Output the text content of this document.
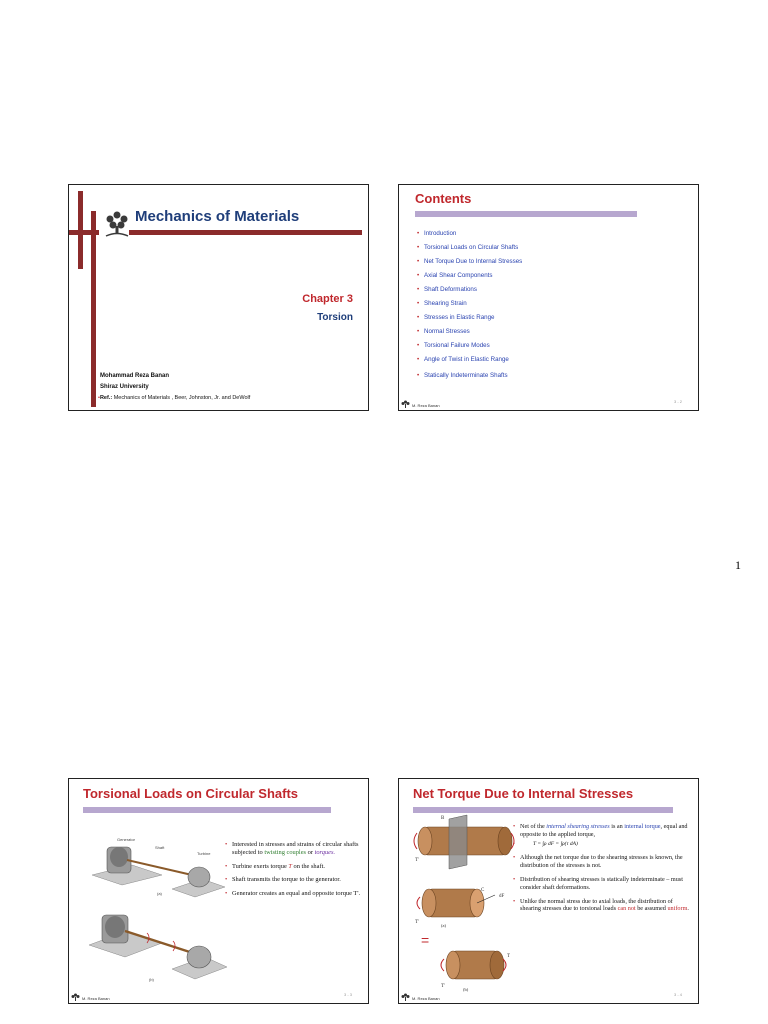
Mechanics of Materials
Chapter 3
Torsion
Mohammad Reza Banan
Shiraz University
•Ref.: Mechanics of Materials , Beer, Johnston, Jr. and DeWolf
Contents
• Introduction
• Torsional Loads on Circular Shafts
• Net Torque Due to Internal Stresses
• Axial Shear Components
• Shaft Deformations
• Shearing Strain
• Stresses in Elastic Range
• Normal Stresses
• Torsional Failure Modes
• Angle of Twist in Elastic Range
• Statically Indeterminate Shafts
M. Reza Banan
3 - 2
1
Torsional Loads on Circular Shafts
Generator
Shaft
Turbine
(a)
(b)
• Interested in stresses and strains of circular shafts subjected to twisting couples or torques.
• Turbine exerts torque T on the shaft.
• Shaft transmits the torque to the generator.
• Generator creates an equal and opposite torque T'.
M. Reza Banan
3 - 3
Net Torque Due to Internal Stresses
T'
B
C
dF
T'
(a)
=
T'
T
(b)
• Net of the internal shearing stresses is an internal torque, equal and opposite to the applied torque,
• T = ∫ρ dF = ∫ρ(τ dA)
• Although the net torque due to the shearing stresses is known, the distribution of the stresses is not.
• Distribution of shearing stresses is statically indeterminate – must consider shaft deformations.
• Unlike the normal stress due to axial loads, the distribution of shearing stresses due to torsional loads can not be assumed uniform.
M. Reza Banan
3 - 4
